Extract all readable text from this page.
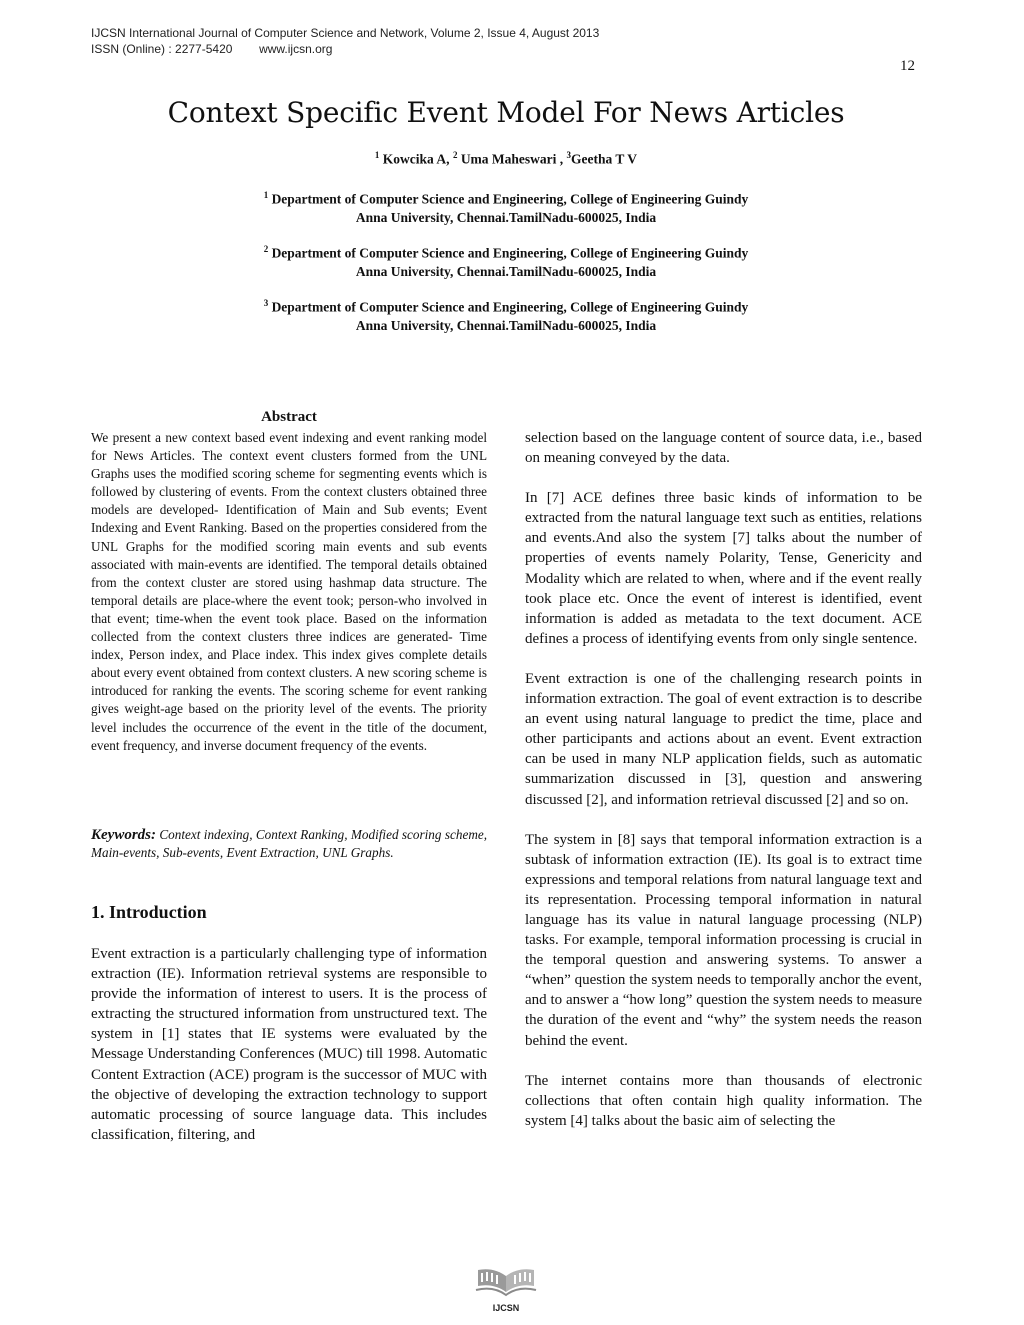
IJCSN International Journal of Computer Science and Network, Volume 2, Issue 4, August 2013
ISSN (Online) : 2277-5420 www.ijcsn.org
12
Context Specific Event Model For News Articles
$^1$ Kowcika A, $^2$ Uma Maheswari , $^3$Geetha T V
$^1$ Department of Computer Science and Engineering, College of Engineering Guindy
Anna University, Chennai.TamilNadu-600025, India
$^2$ Department of Computer Science and Engineering, College of Engineering Guindy
Anna University, Chennai.TamilNadu-600025, India
$^3$ Department of Computer Science and Engineering, College of Engineering Guindy
Anna University, Chennai.TamilNadu-600025, India
Abstract
We present a new context based event indexing and event ranking model for News Articles. The context event clusters formed from the UNL Graphs uses the modified scoring scheme for segmenting events which is followed by clustering of events. From the context clusters obtained three models are developed- Identification of Main and Sub events; Event Indexing and Event Ranking. Based on the properties considered from the UNL Graphs for the modified scoring main events and sub events associated with main-events are identified. The temporal details obtained from the context cluster are stored using hashmap data structure. The temporal details are place-where the event took; person-who involved in that event; time-when the event took place. Based on the information collected from the context clusters three indices are generated- Time index, Person index, and Place index. This index gives complete details about every event obtained from context clusters. A new scoring scheme is introduced for ranking the events. The scoring scheme for event ranking gives weight-age based on the priority level of the events. The priority level includes the occurrence of the event in the title of the document, event frequency, and inverse document frequency of the events.
Keywords: Context indexing, Context Ranking, Modified scoring scheme, Main-events, Sub-events, Event Extraction, UNL Graphs.
1. Introduction
Event extraction is a particularly challenging type of information extraction (IE). Information retrieval systems are responsible to provide the information of interest to users. It is the process of extracting the structured information from unstructured text. The system in [1] states that IE systems were evaluated by the Message Understanding Conferences (MUC) till 1998. Automatic Content Extraction (ACE) program is the successor of MUC with the objective of developing the extraction technology to support automatic processing of source language data. This includes classification, filtering, and

selection based on the language content of source data, i.e., based on meaning conveyed by the data.

In [7] ACE defines three basic kinds of information to be extracted from the natural language text such as entities, relations and events.And also the system [7] talks about the number of properties of events namely Polarity, Tense, Genericity and Modality which are related to when, where and if the event really took place etc. Once the event of interest is identified, event information is added as metadata to the text document. ACE defines a process of identifying events from only single sentence.

Event extraction is one of the challenging research points in information extraction. The goal of event extraction is to describe an event using natural language to predict the time, place and other participants and actions about an event. Event extraction can be used in many NLP application fields, such as automatic summarization discussed in [3], question and answering discussed [2], and information retrieval discussed [2] and so on.

The system in [8] says that temporal information extraction is a subtask of information extraction (IE). Its goal is to extract time expressions and temporal relations from natural language text and its representation. Processing temporal information in natural language has its value in natural language processing (NLP) tasks. For example, temporal information processing is crucial in the temporal question and answering systems. To answer a “when” question the system needs to temporally anchor the event, and to answer a “how long” question the system needs to measure the duration of the event and “why” the system needs the reason behind the event.

The internet contains more than thousands of electronic collections that often contain high quality information. The system [4] talks about the basic aim of selecting the

IJCSN
